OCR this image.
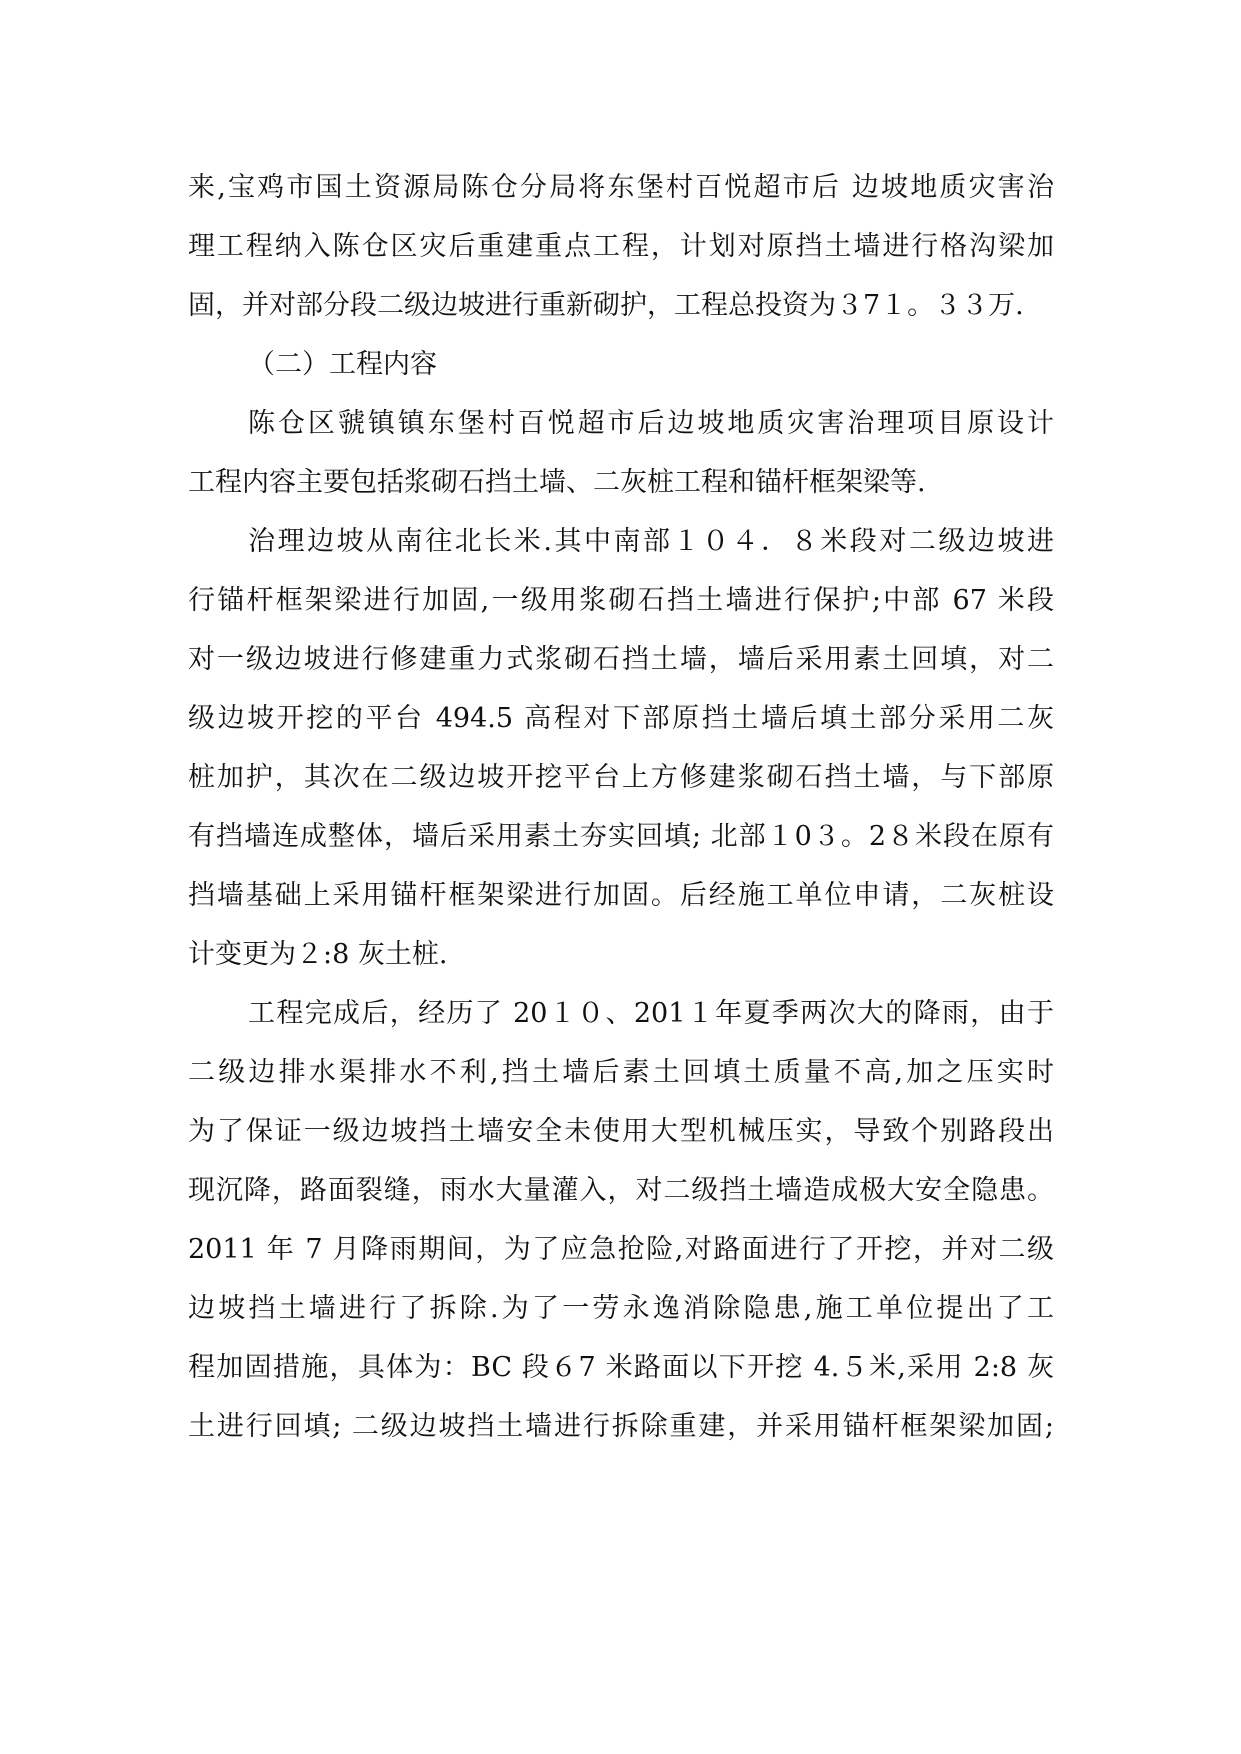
来,宝鸡市国土资源局陈仓分局将东堡村百悦超市后 边坡地质灾害治
理工程纳入陈仓区灾后重建重点工程，计划对原挡土墙进行格沟梁加
固，并对部分段二级边坡进行重新砌护，工程总投资为３7１。３３万.
（二）工程内容
陈仓区虢镇镇东堡村百悦超市后边坡地质灾害治理项目原设计
工程内容主要包括浆砌石挡土墙、二灰桩工程和锚杆框架梁等.
治理边坡从南往北长米.其中南部１０４．８米段对二级边坡进
行锚杆框架梁进行加固,一级用浆砌石挡土墙进行保护;中部 67 米段
对一级边坡进行修建重力式浆砌石挡土墙，墙后采用素土回填，对二
级边坡开挖的平台 494.5 高程对下部原挡土墙后填土部分采用二灰
桩加护，其次在二级边坡开挖平台上方修建浆砌石挡土墙，与下部原
有挡墙连成整体，墙后采用素土夯实回填; 北部１0３。2８米段在原有
挡墙基础上采用锚杆框架梁进行加固。后经施工单位申请，二灰桩设
计变更为２:8 灰土桩.
工程完成后，经历了 20１０、201１年夏季两次大的降雨，由于
二级边排水渠排水不利,挡土墙后素土回填土质量不高,加之压实时
为了保证一级边坡挡土墙安全未使用大型机械压实，导致个别路段出
现沉降，路面裂缝，雨水大量灌入，对二级挡土墙造成极大安全隐患。
2011 年 7 月降雨期间，为了应急抢险,对路面进行了开挖，并对二级
边坡挡土墙进行了拆除.为了一劳永逸消除隐患,施工单位提出了工
程加固措施，具体为：BC 段６7 米路面以下开挖 4.５米,采用 2:8 灰
土进行回填; 二级边坡挡土墙进行拆除重建，并采用锚杆框架梁加固;
